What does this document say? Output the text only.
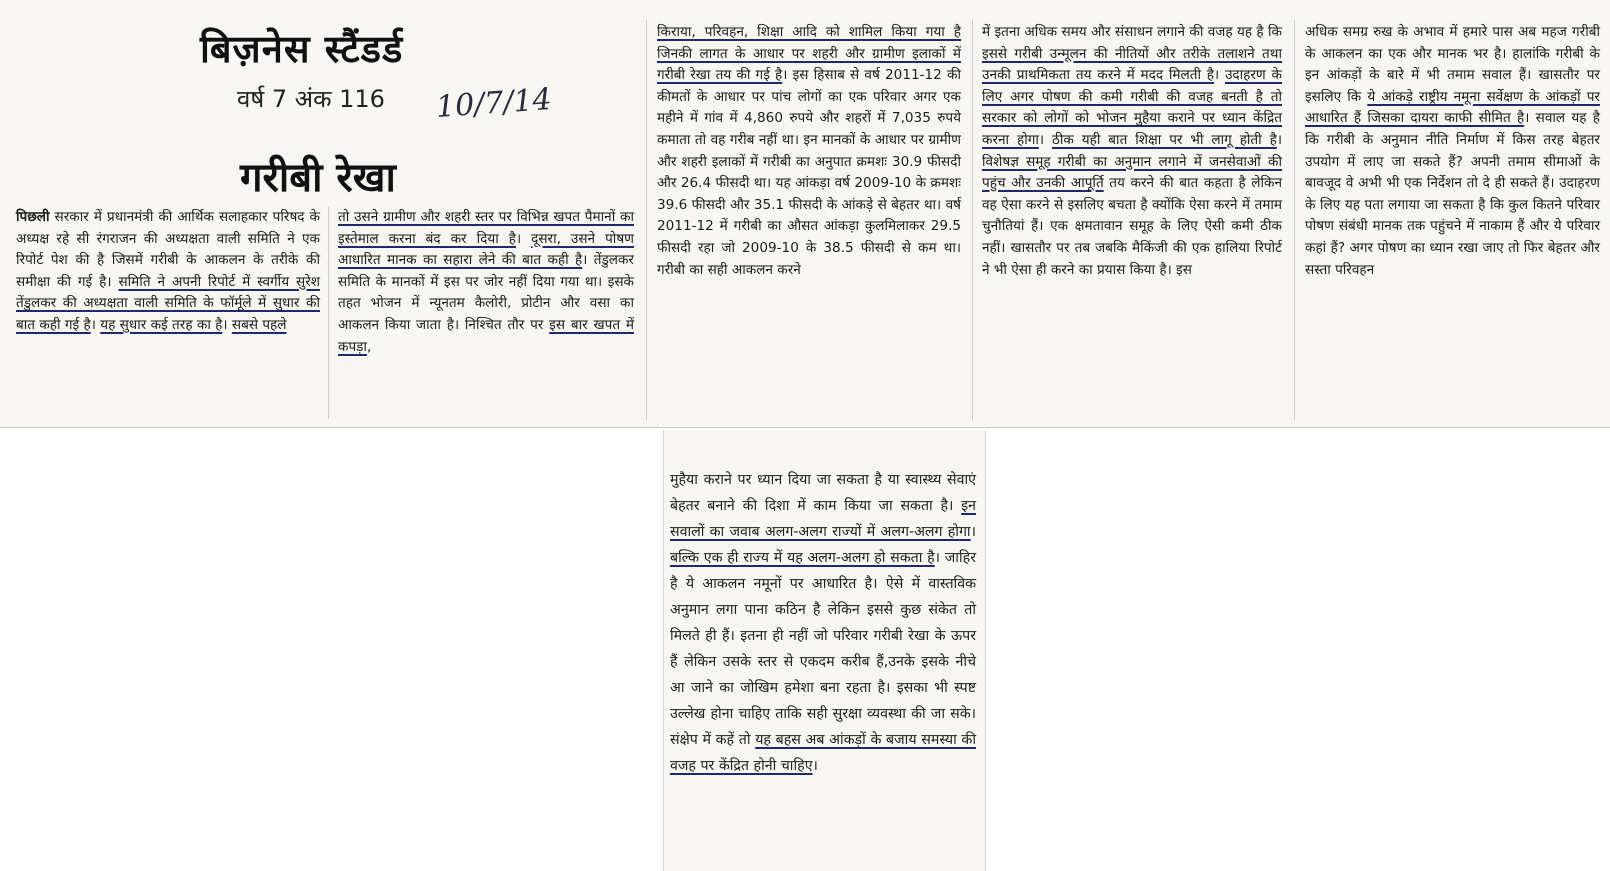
बिज़नेस स्टैंडर्ड
वर्ष 7 अंक 116 10/7/14
गरीबी रेखा

पिछली सरकार में प्रधानमंत्री की आर्थिक सलाहकार परिषद के अध्यक्ष रहे सी रंगराजन की अध्यक्षता वाली समिति ने एक रिपोर्ट पेश की है जिसमें गरीबी के आकलन के तरीके की समीक्षा की गई है। समिति ने अपनी रिपोर्ट में स्वर्गीय सुरेश तेंडुलकर की अध्यक्षता वाली समिति के फॉर्मूले में सुधार की बात कही गई है। यह सुधार कई तरह का है। सबसे पहले

तो उसने ग्रामीण और शहरी स्तर पर विभिन्न खपत पैमानों का इस्तेमाल करना बंद कर दिया है। दूसरा, उसने पोषण आधारित मानक का सहारा लेने की बात कही है। तेंडुलकर समिति के मानकों में इस पर जोर नहीं दिया गया था। इसके तहत भोजन में न्यूनतम कैलोरी, प्रोटीन और वसा का आकलन किया जाता है। निश्चित तौर पर इस बार खपत में कपड़ा,

किराया, परिवहन, शिक्षा आदि को शामिल किया गया है जिनकी लागत के आधार पर शहरी और ग्रामीण इलाकों में गरीबी रेखा तय की गई है। इस हिसाब से वर्ष 2011-12 की कीमतों के आधार पर पांच लोगों का एक परिवार अगर एक महीने में गांव में 4,860 रुपये और शहरों में 7,035 रुपये कमाता तो वह गरीब नहीं था। इन मानकों के आधार पर ग्रामीण और शहरी इलाकों में गरीबी का अनुपात क्रमशः 30.9 फीसदी और 26.4 फीसदी था। यह आंकड़ा वर्ष 2009-10 के क्रमशः 39.6 फीसदी और 35.1 फीसदी के आंकड़े से बेहतर था। वर्ष 2011-12 में गरीबी का औसत आंकड़ा कुलमिलाकर 29.5 फीसदी रहा जो 2009-10 के 38.5 फीसदी से कम था। गरीबी का सही आकलन करने

में इतना अधिक समय और संसाधन लगाने की वजह यह है कि इससे गरीबी उन्मूलन की नीतियों और तरीके तलाशने तथा उनकी प्राथमिकता तय करने में मदद मिलती है। उदाहरण के लिए अगर पोषण की कमी गरीबी की वजह बनती है तो सरकार को लोगों को भोजन मुहैया कराने पर ध्यान केंद्रित करना होगा। ठीक यही बात शिक्षा पर भी लागू होती है। विशेषज्ञ समूह गरीबी का अनुमान लगाने में जनसेवाओं की पहुंच और उनकी आपूर्ति तय करने की बात कहता है लेकिन वह ऐसा करने से इसलिए बचता है क्योंकि ऐसा करने में तमाम चुनौतियां हैं। एक क्षमतावान समूह के लिए ऐसी कमी ठीक नहीं। खासतौर पर तब जबकि मैकिंजी की एक हालिया रिपोर्ट ने भी ऐसा ही करने का प्रयास किया है। इस

अधिक समग्र रुख के अभाव में हमारे पास अब महज गरीबी के आकलन का एक और मानक भर है। हालांकि गरीबी के इन आंकड़ों के बारे में भी तमाम सवाल हैं। खासतौर पर इसलिए कि ये आंकड़े राष्ट्रीय नमूना सर्वेक्षण के आंकड़ों पर आधारित हैं जिसका दायरा काफी सीमित है। सवाल यह है कि गरीबी के अनुमान नीति निर्माण में किस तरह बेहतर उपयोग में लाए जा सकते हैं? अपनी तमाम सीमाओं के बावजूद वे अभी भी एक निर्देशन तो दे ही सकते हैं। उदाहरण के लिए यह पता लगाया जा सकता है कि कुल कितने परिवार पोषण संबंधी मानक तक पहुंचने में नाकाम हैं और ये परिवार कहां हैं? अगर पोषण का ध्यान रखा जाए तो फिर बेहतर और सस्ता परिवहन

मुहैया कराने पर ध्यान दिया जा सकता है या स्वास्थ्य सेवाएं बेहतर बनाने की दिशा में काम किया जा सकता है। इन सवालों का जवाब अलग-अलग राज्यों में अलग-अलग होगा। बल्कि एक ही राज्य में यह अलग-अलग हो सकता है। जाहिर है ये आकलन नमूनों पर आधारित है। ऐसे में वास्तविक अनुमान लगा पाना कठिन है लेकिन इससे कुछ संकेत तो मिलते ही हैं। इतना ही नहीं जो परिवार गरीबी रेखा के ऊपर हैं लेकिन उसके स्तर से एकदम करीब हैं,उनके इसके नीचे आ जाने का जोखिम हमेशा बना रहता है। इसका भी स्पष्ट उल्लेख होना चाहिए ताकि सही सुरक्षा व्यवस्था की जा सके। संक्षेप में कहें तो यह बहस अब आंकड़ों के बजाय समस्या की वजह पर केंद्रित होनी चाहिए।
